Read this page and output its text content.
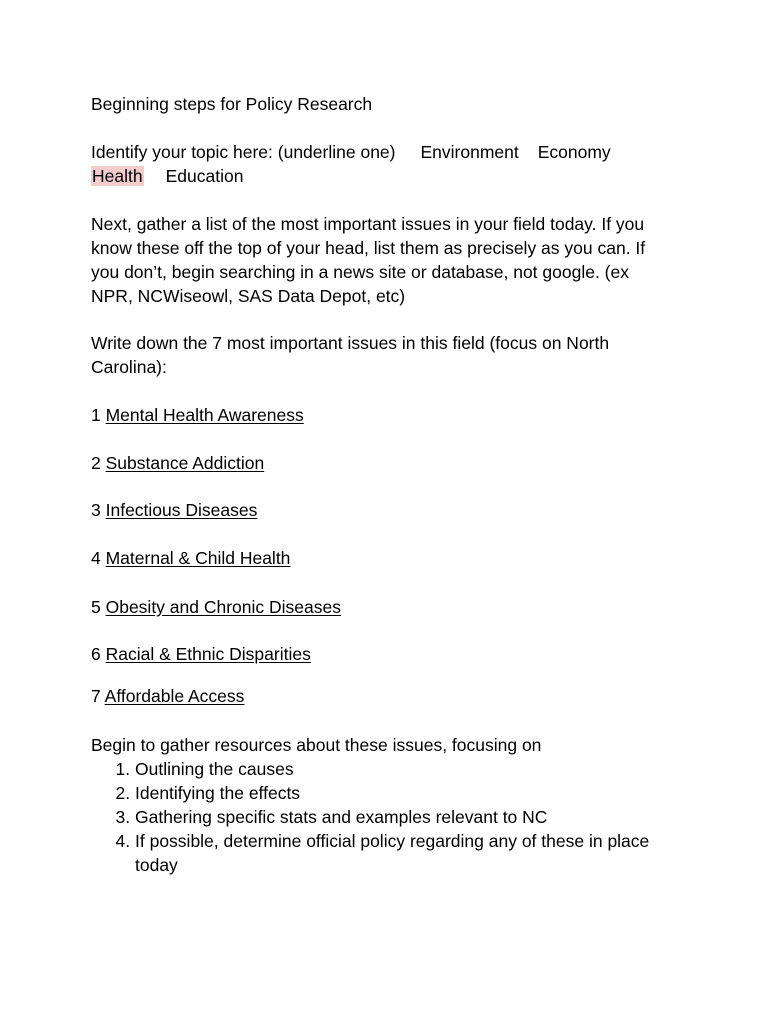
Beginning steps for Policy Research
Identify your topic here: (underline one) Environment Economy
Health Education
Next, gather a list of the most important issues in your field today. If you
know these off the top of your head, list them as precisely as you can. If
you don’t, begin searching in a news site or database, not google. (ex
NPR, NCWiseowl, SAS Data Depot, etc)
Write down the 7 most important issues in this field (focus on North
Carolina):
1 Mental Health Awareness
2 Substance Addiction
3 Infectious Diseases
4 Maternal & Child Health
5 Obesity and Chronic Diseases
6 Racial & Ethnic Disparities
7 Affordable Access
Begin to gather resources about these issues, focusing on
1. Outlining the causes
2. Identifying the effects
3. Gathering specific stats and examples relevant to NC
4. If possible, determine official policy regarding any of these in place today
